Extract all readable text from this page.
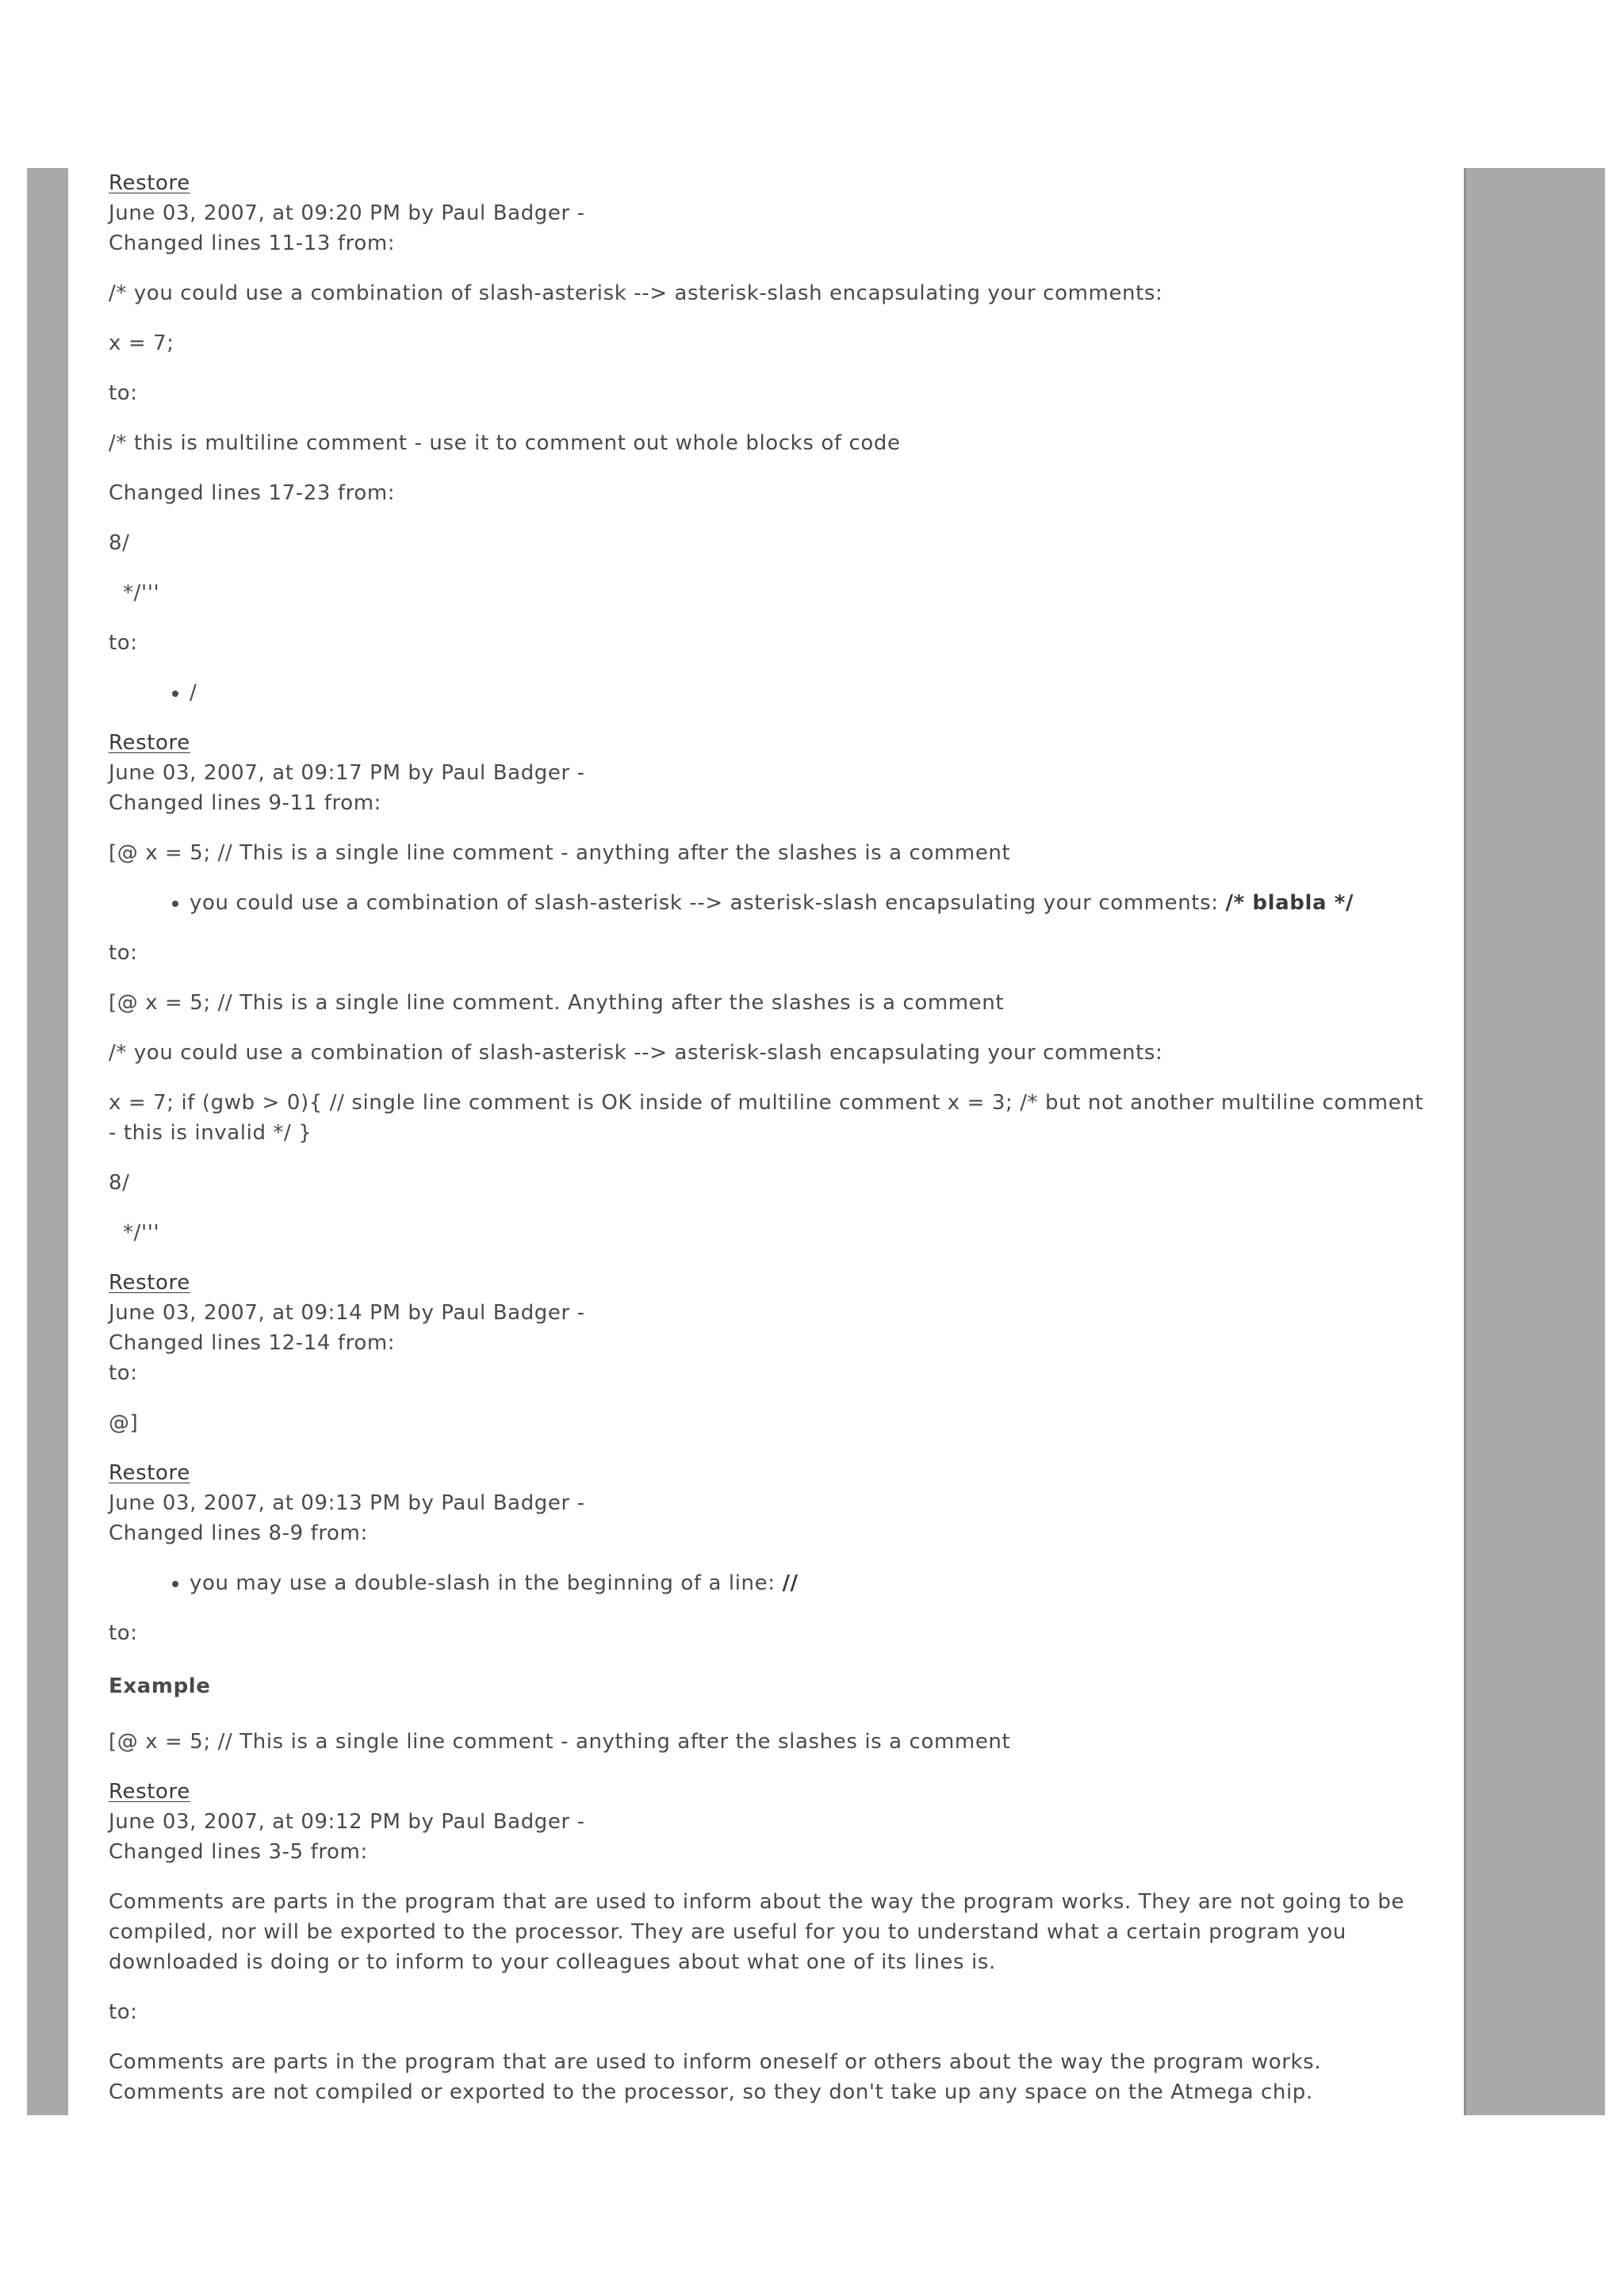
Restore

June 03, 2007, at 09:20 PM by Paul Badger -

Changed lines 11-13 from:

/* you could use a combination of slash-asterisk --> asterisk-slash encapsulating your comments:

x = 7;

to:

/* this is multiline comment - use it to comment out whole blocks of code

Changed lines 17-23 from:

8/

*/'''

to:

• /

Restore

June 03, 2007, at 09:17 PM by Paul Badger -

Changed lines 9-11 from:

[@ x = 5; // This is a single line comment - anything after the slashes is a comment

• you could use a combination of slash-asterisk --> asterisk-slash encapsulating your comments: /* blabla */

to:

[@ x = 5; // This is a single line comment. Anything after the slashes is a comment

/* you could use a combination of slash-asterisk --> asterisk-slash encapsulating your comments:

x = 7; if (gwb > 0){ // single line comment is OK inside of multiline comment x = 3; /* but not another multiline comment - this is invalid */ }

8/

*/'''

Restore

June 03, 2007, at 09:14 PM by Paul Badger -

Changed lines 12-14 from:

to:

@]

Restore

June 03, 2007, at 09:13 PM by Paul Badger -

Changed lines 8-9 from:

• you may use a double-slash in the beginning of a line: //

to:

Example

[@ x = 5; // This is a single line comment - anything after the slashes is a comment

Restore

June 03, 2007, at 09:12 PM by Paul Badger -

Changed lines 3-5 from:

Comments are parts in the program that are used to inform about the way the program works. They are not going to be compiled, nor will be exported to the processor. They are useful for you to understand what a certain program you downloaded is doing or to inform to your colleagues about what one of its lines is.

to:

Comments are parts in the program that are used to inform oneself or others about the way the program works. Comments are not compiled or exported to the processor, so they don't take up any space on the Atmega chip.
